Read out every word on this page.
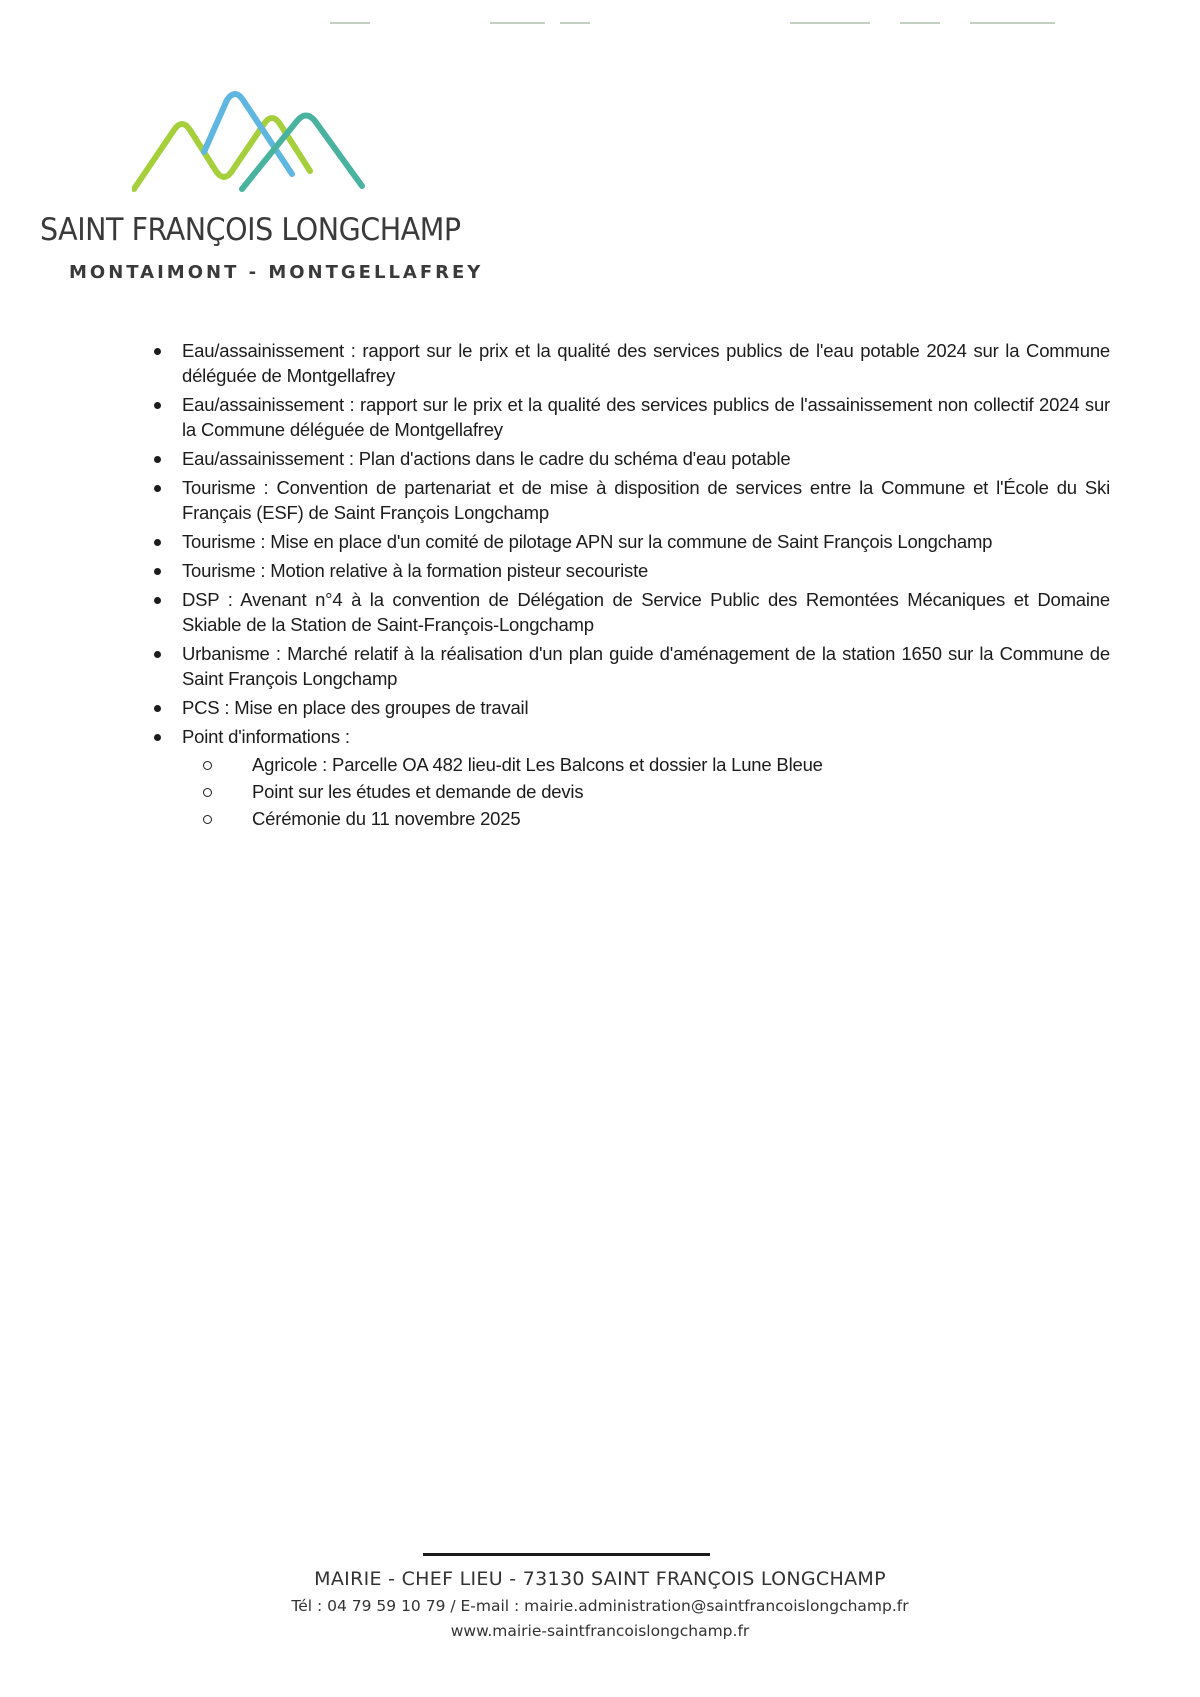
SAINT FRANÇOIS LONGCHAMP
MONTAIMONT - MONTGELLAFREY
Eau/assainissement : rapport sur le prix et la qualité des services publics de l'eau potable 2024 sur la Commune déléguée de Montgellafrey
Eau/assainissement : rapport sur le prix et la qualité des services publics de l'assainissement non collectif 2024 sur la Commune déléguée de Montgellafrey
Eau/assainissement : Plan d'actions dans le cadre du schéma d'eau potable
Tourisme : Convention de partenariat et de mise à disposition de services entre la Commune et l'École du Ski Français (ESF) de Saint François Longchamp
Tourisme : Mise en place d'un comité de pilotage APN sur la commune de Saint François Longchamp
Tourisme : Motion relative à la formation pisteur secouriste
DSP : Avenant n°4 à la convention de Délégation de Service Public des Remontées Mécaniques et Domaine Skiable de la Station de Saint-François-Longchamp
Urbanisme : Marché relatif à la réalisation d'un plan guide d'aménagement de la station 1650 sur la Commune de Saint François Longchamp
PCS : Mise en place des groupes de travail
Point d'informations :
Agricole : Parcelle OA 482 lieu-dit Les Balcons et dossier la Lune Bleue
Point sur les études et demande de devis
Cérémonie du 11 novembre 2025
MAIRIE - CHEF LIEU - 73130 SAINT FRANÇOIS LONGCHAMP
Tél : 04 79 59 10 79 / E-mail : mairie.administration@saintfrancoislongchamp.fr
www.mairie-saintfrancoislongchamp.fr
